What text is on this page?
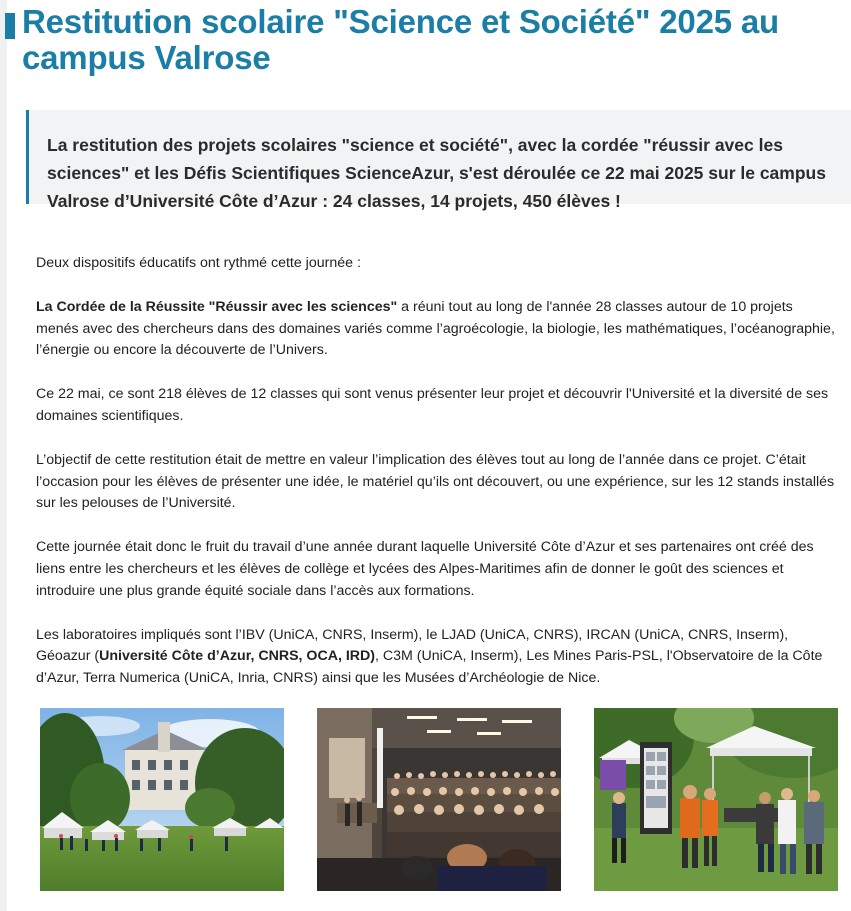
Restitution scolaire "Science et Société" 2025 au campus Valrose
La restitution des projets scolaires "science et société", avec la cordée "réussir avec les sciences" et les Défis Scientifiques ScienceAzur, s'est déroulée ce 22 mai 2025 sur le campus Valrose d’Université Côte d’Azur : 24 classes, 14 projets, 450 élèves !

Deux dispositifs éducatifs ont rythmé cette journée :

La Cordée de la Réussite "Réussir avec les sciences" a réuni tout au long de l'année 28 classes autour de 10 projets menés avec des chercheurs dans des domaines variés comme l’agroécologie, la biologie, les mathématiques, l’océanographie, l’énergie ou encore la découverte de l’Univers.

Ce 22 mai, ce sont 218 élèves de 12 classes qui sont venus présenter leur projet et découvrir l'Université et la diversité de ses domaines scientifiques.

L’objectif de cette restitution était de mettre en valeur l’implication des élèves tout au long de l’année dans ce projet. C’était l’occasion pour les élèves de présenter une idée, le matériel qu’ils ont découvert, ou une expérience, sur les 12 stands installés sur les pelouses de l’Université.

Cette journée était donc le fruit du travail d’une année durant laquelle Université Côte d’Azur et ses partenaires ont créé des liens entre les chercheurs et les élèves de collège et lycées des Alpes-Maritimes afin de donner le goût des sciences et introduire une plus grande équité sociale dans l’accès aux formations.

Les laboratoires impliqués sont l’IBV (UniCA, CNRS, Inserm), le LJAD (UniCA, CNRS), IRCAN (UniCA, CNRS, Inserm), Géoazur (Université Côte d’Azur, CNRS, OCA, IRD), C3M (UniCA, Inserm), Les Mines Paris-PSL, l'Observatoire de la Côte d’Azur, Terra Numerica (UniCA, Inria, CNRS) ainsi que les Musées d’Archéologie de Nice.
